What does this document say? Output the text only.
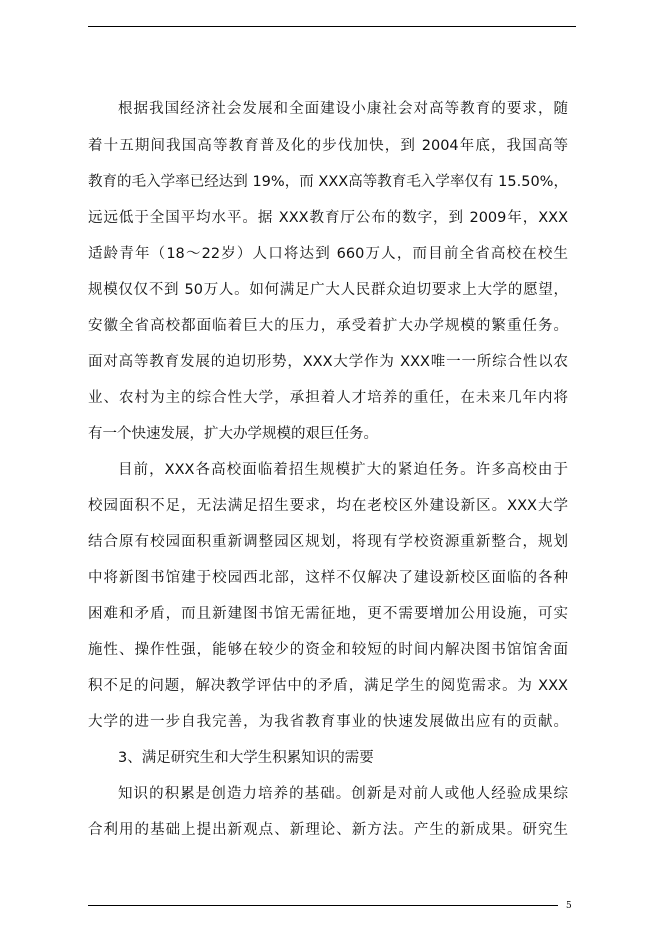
根据我国经济社会发展和全面建设小康社会对高等教育的要求，随
着十五期间我国高等教育普及化的步伐加快，到 2004年底，我国高等
教育的毛入学率已经达到 19%，而 XXX高等教育毛入学率仅有 15.50%，
远远低于全国平均水平。据 XXX教育厅公布的数字，到 2009年，XXX
适龄青年（18～22岁）人口将达到 660万人，而目前全省高校在校生
规模仅仅不到 50万人。如何满足广大人民群众迫切要求上大学的愿望，
安徽全省高校都面临着巨大的压力，承受着扩大办学规模的繁重任务。
面对高等教育发展的迫切形势，XXX大学作为 XXX唯一一所综合性以农
业、农村为主的综合性大学，承担着人才培养的重任，在未来几年内将
有一个快速发展，扩大办学规模的艰巨任务。
目前，XXX各高校面临着招生规模扩大的紧迫任务。许多高校由于
校园面积不足，无法满足招生要求，均在老校区外建设新区。XXX大学
结合原有校园面积重新调整园区规划，将现有学校资源重新整合，规划
中将新图书馆建于校园西北部，这样不仅解决了建设新校区面临的各种
困难和矛盾，而且新建图书馆无需征地，更不需要增加公用设施，可实
施性、操作性强，能够在较少的资金和较短的时间内解决图书馆馆舍面
积不足的问题，解决教学评估中的矛盾，满足学生的阅览需求。为 XXX
大学的进一步自我完善，为我省教育事业的快速发展做出应有的贡献。
3、满足研究生和大学生积累知识的需要
知识的积累是创造力培养的基础。创新是对前人或他人经验成果综
合利用的基础上提出新观点、新理论、新方法。产生的新成果。研究生
5
